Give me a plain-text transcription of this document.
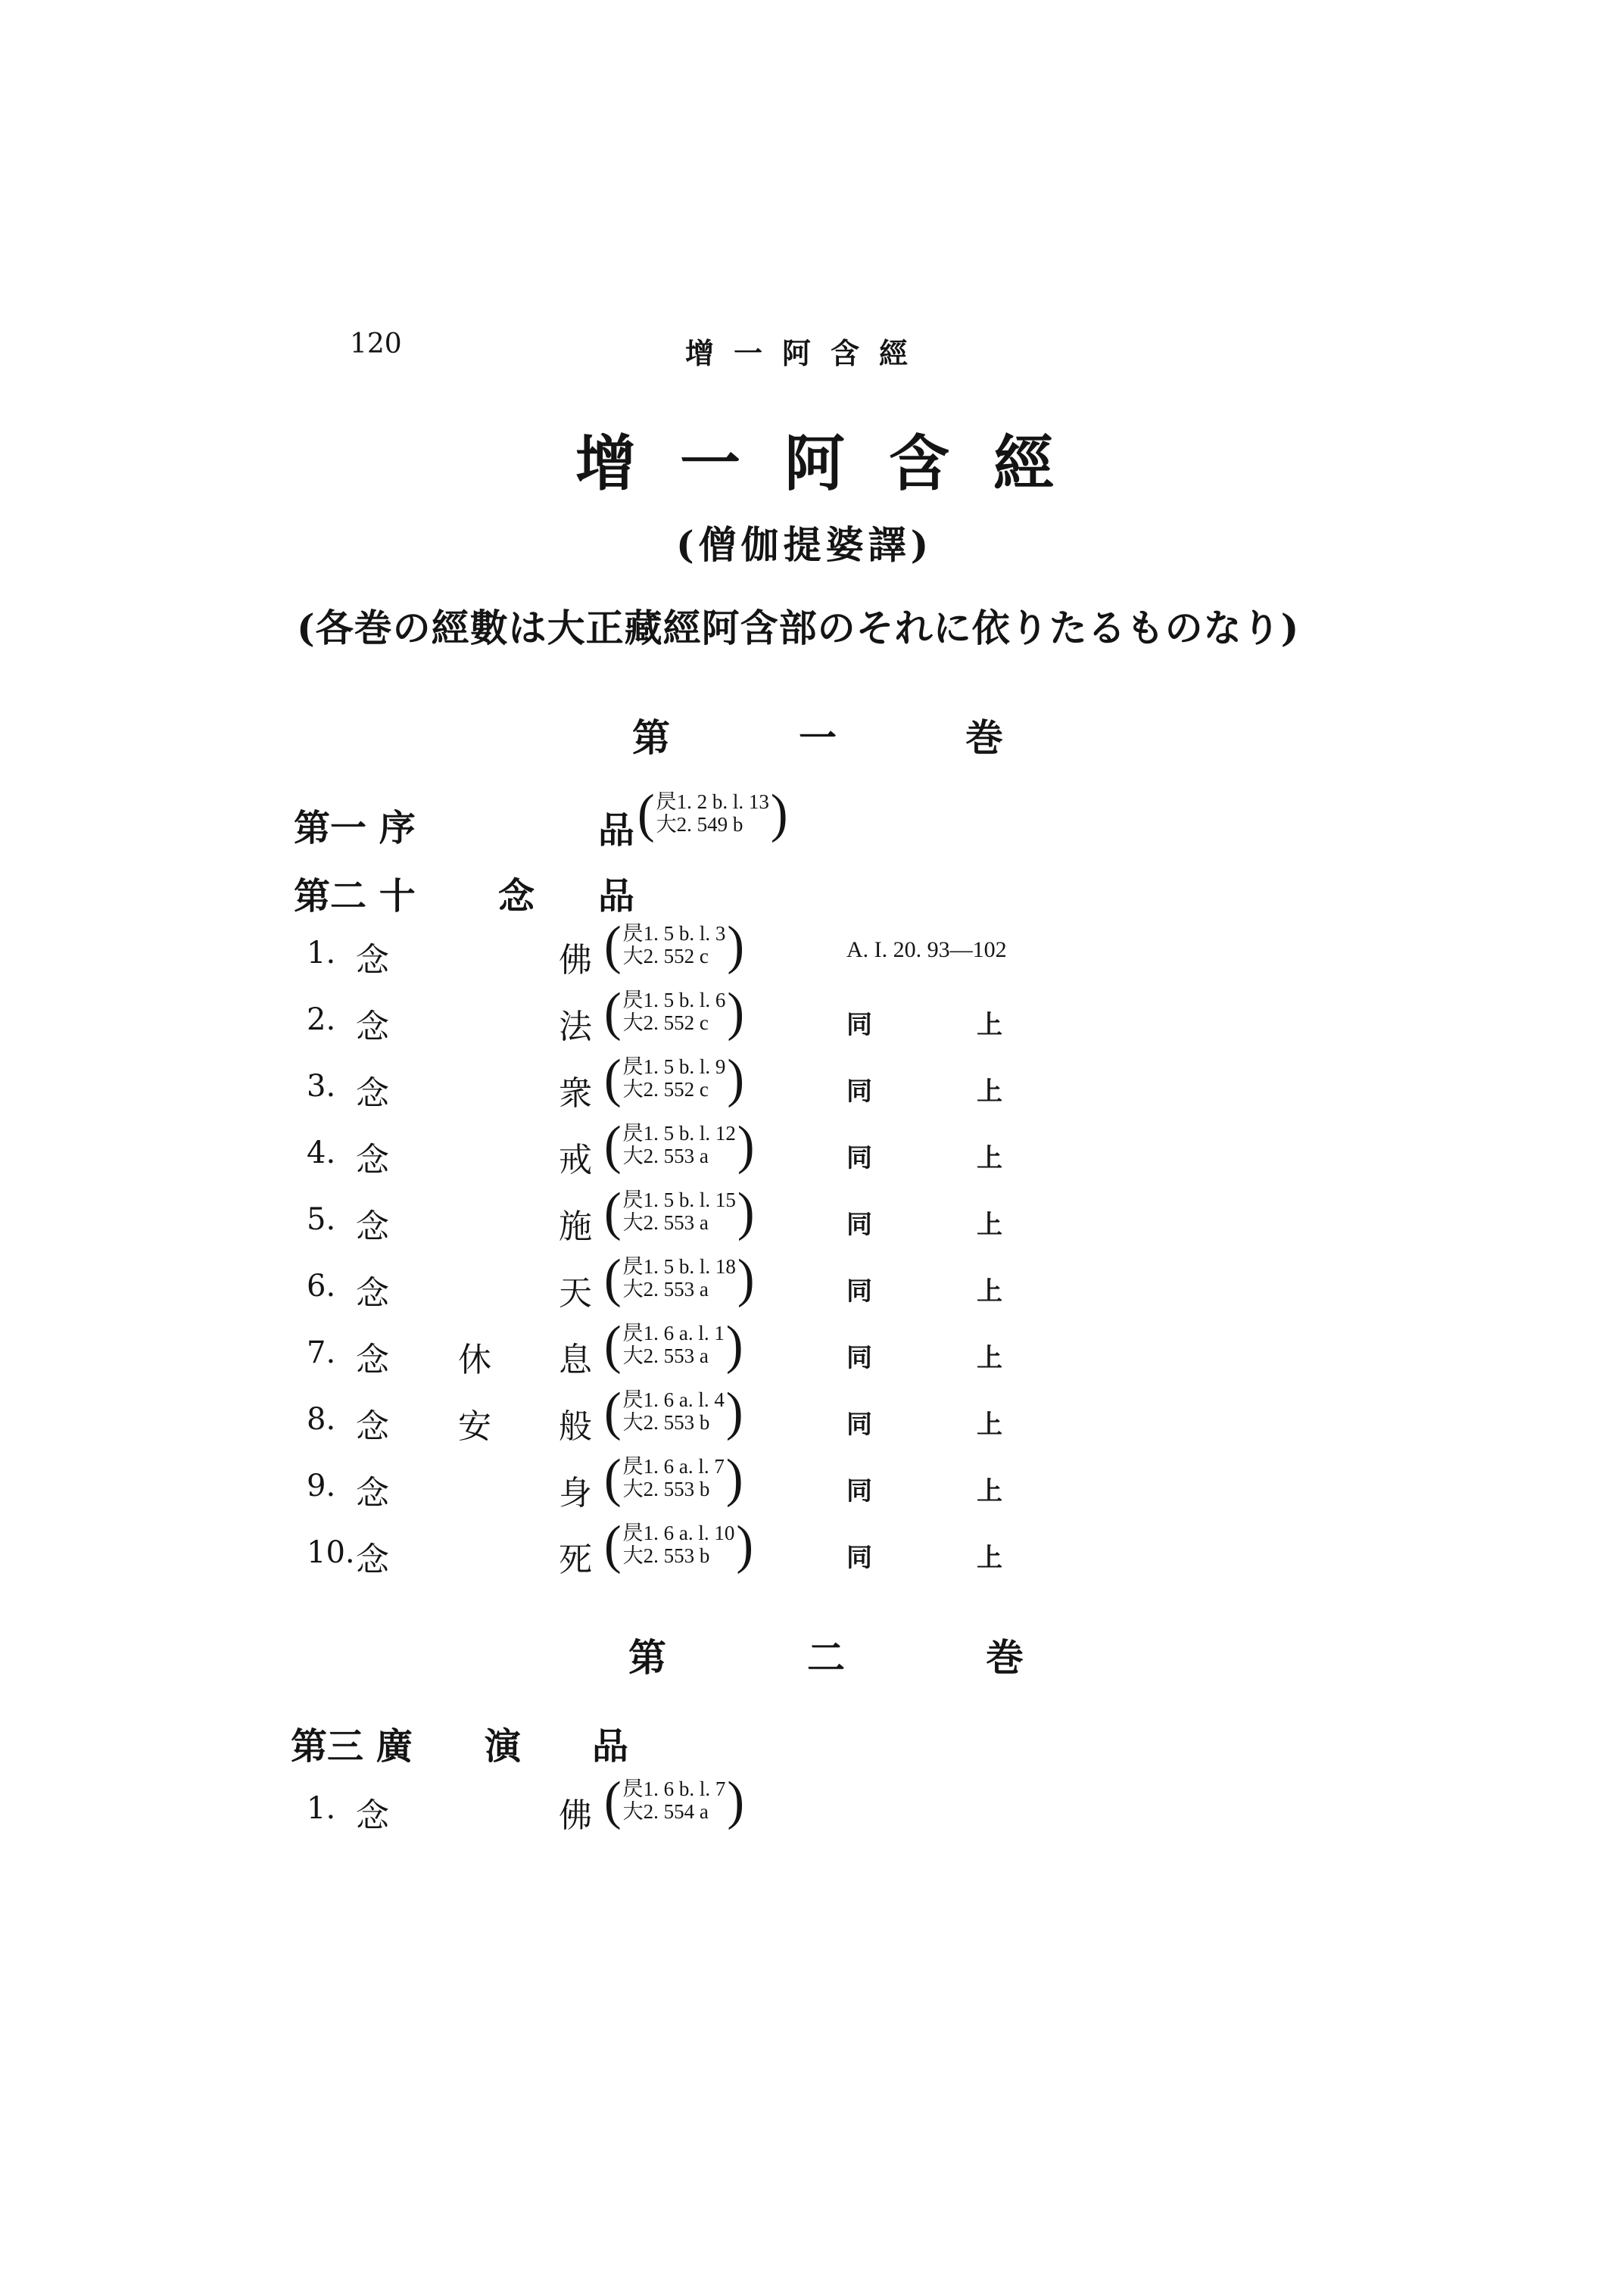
120	增一阿含經
增一阿含經
(僧伽提婆譯)
(各巻の經數は大正藏經阿含部のそれに依りたるものなり)
第　一　巻
第一 序	品 ( 昃1. 2 b. l. 13
大2. 549 b )
第二 十 念 品
1. 念	佛 ( 昃1. 5 b. l. 3
大2. 552 c )	A. I. 20. 93—102
2. 念	法 ( 昃1. 5 b. l. 6
大2. 552 c )	同　上
3. 念	衆 ( 昃1. 5 b. l. 9
大2. 552 c )	同　上
4. 念	戒 ( 昃1. 5 b. l. 12
大2. 553 a )	同　上
5. 念	施 ( 昃1. 5 b. l. 15
大2. 553 a )	同　上
6. 念	天 ( 昃1. 5 b. l. 18
大2. 553 a )	同　上
7. 念 休 息 ( 昃1. 6 a. l. 1
大2. 553 a )	同　上
8. 念 安 般 ( 昃1. 6 a. l. 4
大2. 553 b )	同　上
9. 念	身 ( 昃1. 6 a. l. 7
大2. 553 b )	同　上
10. 念	死 ( 昃1. 6 a. l. 10
大2. 553 b )	同　上
第　二　巻
第三 廣 演 品
1. 念	佛 ( 昃1. 6 b. l. 7
大2. 554 a )
